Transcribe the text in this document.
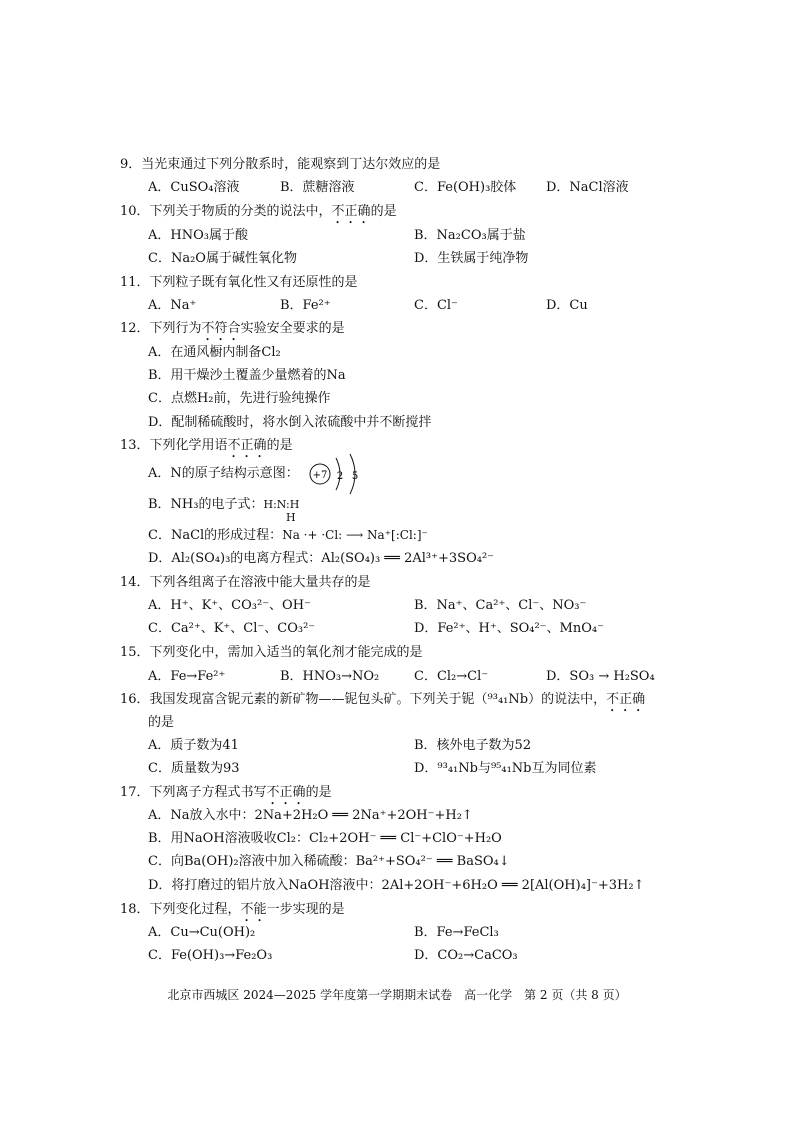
9．当光束通过下列分散系时，能观察到丁达尔效应的是
A．CuSO₄溶液	B．蔗糖溶液	C．Fe(OH)₃胶体 D．NaCl溶液
10．下列关于物质的分类的说法中，不正确的是
A．HNO₃属于酸	B．Na₂CO₃属于盐
C．Na₂O属于碱性氧化物	D．生铁属于纯净物
11．下列粒子既有氧化性又有还原性的是
A．Na⁺	B．Fe²⁺	C．Cl⁻	D．Cu
12．下列行为不符合实验安全要求的是
A．在通风橱内制备Cl₂
B．用干燥沙土覆盖少量燃着的Na
C．点燃H₂前，先进行验纯操作
D．配制稀硫酸时，将水倒入浓硫酸中并不断搅拌
13．下列化学用语不正确的是
A．N的原子结构示意图： +7 2 5
B．NH₃的电子式：H:N:H
H
C．NaCl的形成过程：Na ·+ ·Cl: ⟶ Na⁺[:Cl:]⁻
D．Al₂(SO₄)₃的电离方程式：Al₂(SO₄)₃ ══ 2Al³⁺+3SO₄²⁻
14．下列各组离子在溶液中能大量共存的是
A．H⁺、K⁺、CO₃²⁻、OH⁻	B．Na⁺、Ca²⁺、Cl⁻、NO₃⁻
C．Ca²⁺、K⁺、Cl⁻、CO₃²⁻	D．Fe²⁺、H⁺、SO₄²⁻、MnO₄⁻
15．下列变化中，需加入适当的氧化剂才能完成的是
A．Fe→Fe²⁺	B．HNO₃→NO₂	C．Cl₂→Cl⁻	D．SO₃ → H₂SO₄
16．我国发现富含铌元素的新矿物——铌包头矿。下列关于铌（⁹³₄₁Nb）的说法中，不正确
的是
A．质子数为41	B．核外电子数为52
C．质量数为93	D．⁹³₄₁Nb与⁹⁵₄₁Nb互为同位素
17．下列离子方程式书写不正确的是
A．Na放入水中：2Na+2H₂O ══ 2Na⁺+2OH⁻+H₂↑
B．用NaOH溶液吸收Cl₂：Cl₂+2OH⁻ ══ Cl⁻+ClO⁻+H₂O
C．向Ba(OH)₂溶液中加入稀硫酸：Ba²⁺+SO₄²⁻ ══ BaSO₄↓
D．将打磨过的铝片放入NaOH溶液中：2Al+2OH⁻+6H₂O ══ 2[Al(OH)₄]⁻+3H₂↑
18．下列变化过程，不能一步实现的是
A．Cu→Cu(OH)₂	B．Fe→FeCl₃
C．Fe(OH)₃→Fe₂O₃	D．CO₂→CaCO₃
北京市西城区 2024—2025 学年度第一学期期末试卷　高一化学　第 2 页（共 8 页）
